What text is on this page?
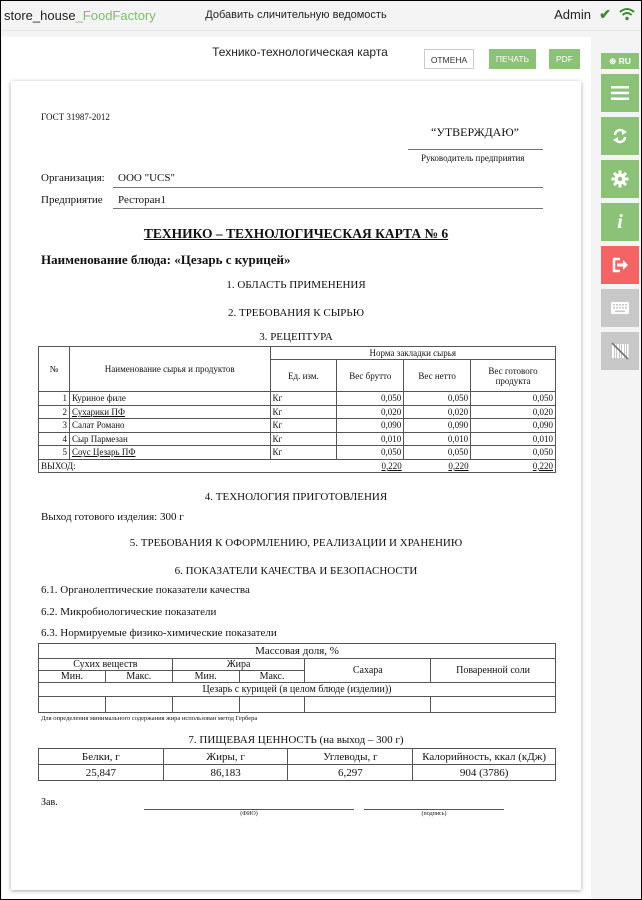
store_house_FoodFactory	Добавить сличительную ведомость	Admin ✔
Технико-технологическая карта
ОТМЕНА	ПЕЧАТЬ	PDF	⊕ RU
i
ГОСТ 31987-2012
“УТВЕРЖДАЮ”
Руководитель предприятия
Организация: ООО "UCS"
Предприятие Ресторан1
ТЕХНИКО – ТЕХНОЛОГИЧЕСКАЯ КАРТА № 6
Наименование блюда: «Цезарь с курицей»
1. ОБЛАСТЬ ПРИМЕНЕНИЯ
2. ТРЕБОВАНИЯ К СЫРЬЮ
3. РЕЦЕПТУРА
№	Наименование сырья и продуктов	Норма закладки сырья			
		Ед. изм.	Вес брутто	Вес нетто	Вес готового продукта
1	Куриное филе	Кг	0,050	0,050	0,050
2	Сухарики ПФ	Кг	0,020	0,020	0,020
3	Салат Романо	Кг	0,090	0,090	0,090
4	Сыр Пармезан	Кг	0,010	0,010	0,010
5	Соус Цезарь ПФ	Кг	0,050	0,050	0,050
ВЫХОД:			0,220	0,220	0,220
4. ТЕХНОЛОГИЯ ПРИГОТОВЛЕНИЯ
Выход готового изделия: 300 г
5. ТРЕБОВАНИЯ К ОФОРМЛЕНИЮ, РЕАЛИЗАЦИИ И ХРАНЕНИЮ
6. ПОКАЗАТЕЛИ КАЧЕСТВА И БЕЗОПАСНОСТИ
6.1. Органолептические показатели качества
6.2. Микробиологические показатели
6.3. Нормируемые физико-химические показатели
Массовая доля, %					
Сухих веществ		Жира		Сахара	Поваренной соли
Мин.	Макс.	Мин.	Макс.		
Цезарь с курицей (в целом блюде (изделии))					

Для определения минимального содержания жира использован метод Гербера
7. ПИЩЕВАЯ ЦЕННОСТЬ (на выход – 300 г)
Белки, г	Жиры, г	Углеводы, г	Калорийность, ккал (кДж)
25,847	86,183	6,297	904 (3786)
Зав.
(ФИО)	(подпись)
